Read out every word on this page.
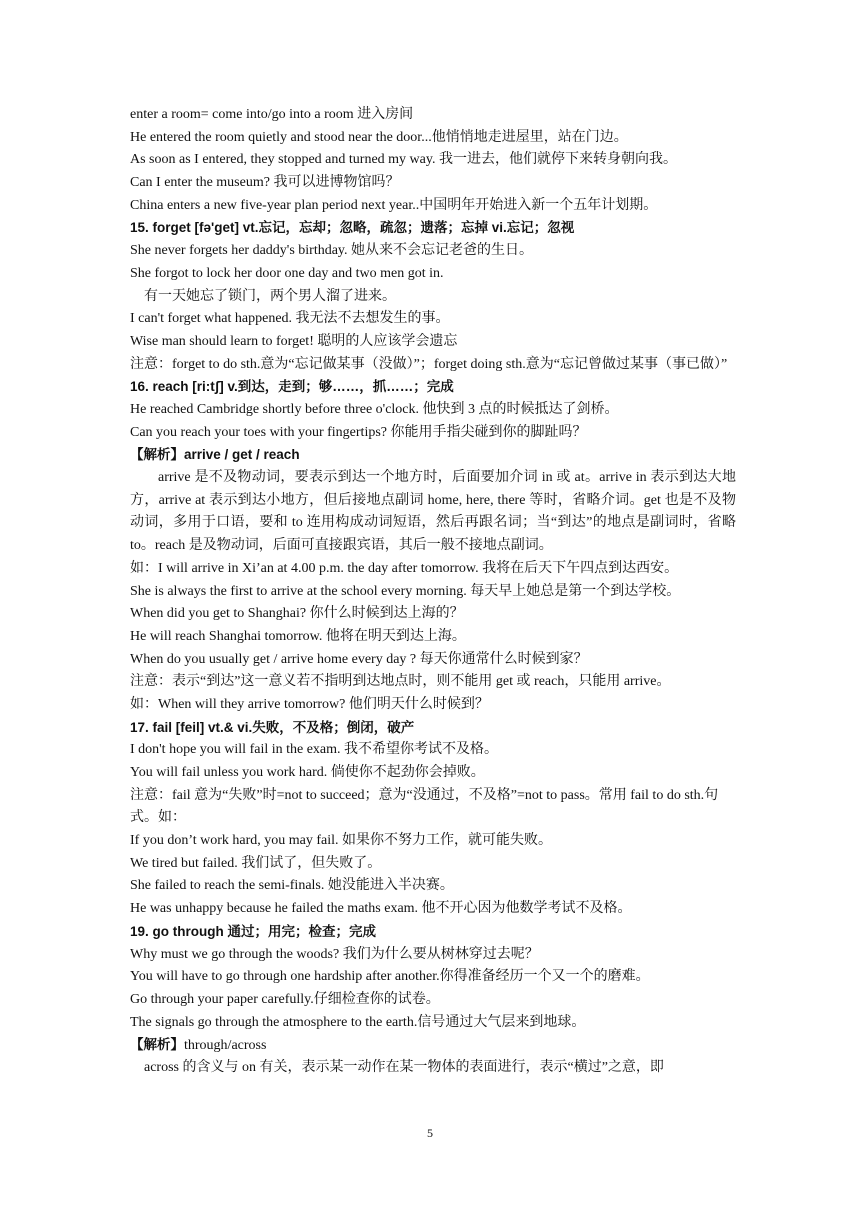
enter a room= come into/go into a room 进入房间
He entered the room quietly and stood near the door...他悄悄地走进屋里，站在门边。
As soon as I entered, they stopped and turned my way. 我一进去，他们就停下来转身朝向我。
Can I enter the museum? 我可以进博物馆吗？
China enters a new five-year plan period next year..中国明年开始进入新一个五年计划期。
15. forget [fə'get] vt.忘记，忘却；忽略，疏忽；遗落；忘掉 vi.忘记；忽视
She never forgets her daddy's birthday. 她从来不会忘记老爸的生日。
She forgot to lock her door one day and two men got in.
有一天她忘了锁门，两个男人溜了进来。
I can't forget what happened. 我无法不去想发生的事。
Wise man should learn to forget! 聪明的人应该学会遗忘
注意：forget to do sth.意为“忘记做某事（没做）”；forget doing sth.意为“忘记曾做过某事（事已做）”
16. reach [ri:tʃ] v.到达，走到；够……，抓……；完成
He reached Cambridge shortly before three o'clock. 他快到 3 点的时候抵达了剑桥。
Can you reach your toes with your fingertips? 你能用手指尖碰到你的脚趾吗？
【解析】arrive / get / reach
arrive 是不及物动词，要表示到达一个地方时，后面要加介词 in 或 at。arrive in 表示到达大地方，arrive at 表示到达小地方，但后接地点副词 home, here, there 等时，省略介词。get 也是不及物动词，多用于口语，要和 to 连用构成动词短语，然后再跟名词；当“到达”的地点是副词时，省略 to。reach 是及物动词，后面可直接跟宾语，其后一般不接地点副词。
如：I will arrive in Xi’an at 4.00 p.m. the day after tomorrow. 我将在后天下午四点到达西安。
She is always the first to arrive at the school every morning. 每天早上她总是第一个到达学校。
When did you get to Shanghai? 你什么时候到达上海的？
He will reach Shanghai tomorrow. 他将在明天到达上海。
When do you usually get / arrive home every day ? 每天你通常什么时候到家？
注意：表示“到达”这一意义若不指明到达地点时，则不能用 get 或 reach，只能用 arrive。
如：When will they arrive tomorrow? 他们明天什么时候到？
17. fail [feil] vt.& vi.失败，不及格；倒闭，破产
I don't hope you will fail in the exam. 我不希望你考试不及格。
You will fail unless you work hard. 倘使你不起劲你会掉败。
注意：fail 意为“失败”时=not to succeed；意为“没通过，不及格”=not to pass。常用 fail to do sth.句式。如：
If you don’t work hard, you may fail. 如果你不努力工作，就可能失败。
We tired but failed. 我们试了，但失败了。
She failed to reach the semi-finals. 她没能进入半决赛。
He was unhappy because he failed the maths exam. 他不开心因为他数学考试不及格。
19. go through 通过；用完；检查；完成
Why must we go through the woods? 我们为什么要从树林穿过去呢？
You will have to go through one hardship after another.你得准备经历一个又一个的磨难。
Go through your paper carefully.仔细检查你的试卷。
The signals go through the atmosphere to the earth.信号通过大气层来到地球。
【解析】through/across
across 的含义与 on 有关，表示某一动作在某一物体的表面进行，表示“横过”之意，即
5
